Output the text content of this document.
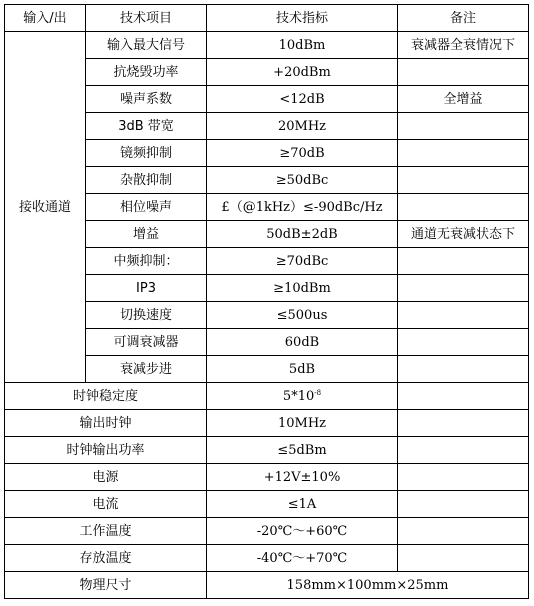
输入/出	技术项目	技术指标	备注
接收通道	输入最大信号	10dBm	衰减器全衰情况下
	抗烧毁功率	+20dBm	
	噪声系数	<12dB	全增益
	3dB 带宽	20MHz	
	镜频抑制	≥70dB	
	杂散抑制	≥50dBc	
	相位噪声	£（@1kHz）≤-90dBc/Hz	
	增益	50dB±2dB	通道无衰减状态下
	中频抑制：	≥70dBc	
	IP3	≥10dBm	
	切换速度	≤500us	
	可调衰减器	60dB	
	衰减步进	5dB	
时钟稳定度		$5*10^{-8}$	
输出时钟		10MHz	
时钟输出功率		≤5dBm	
电源		+12V±10%	
电流		≤1A	
工作温度		-20℃～+60℃	
存放温度		-40℃～+70℃	
物理尺寸		158mm×100mm×25mm	
